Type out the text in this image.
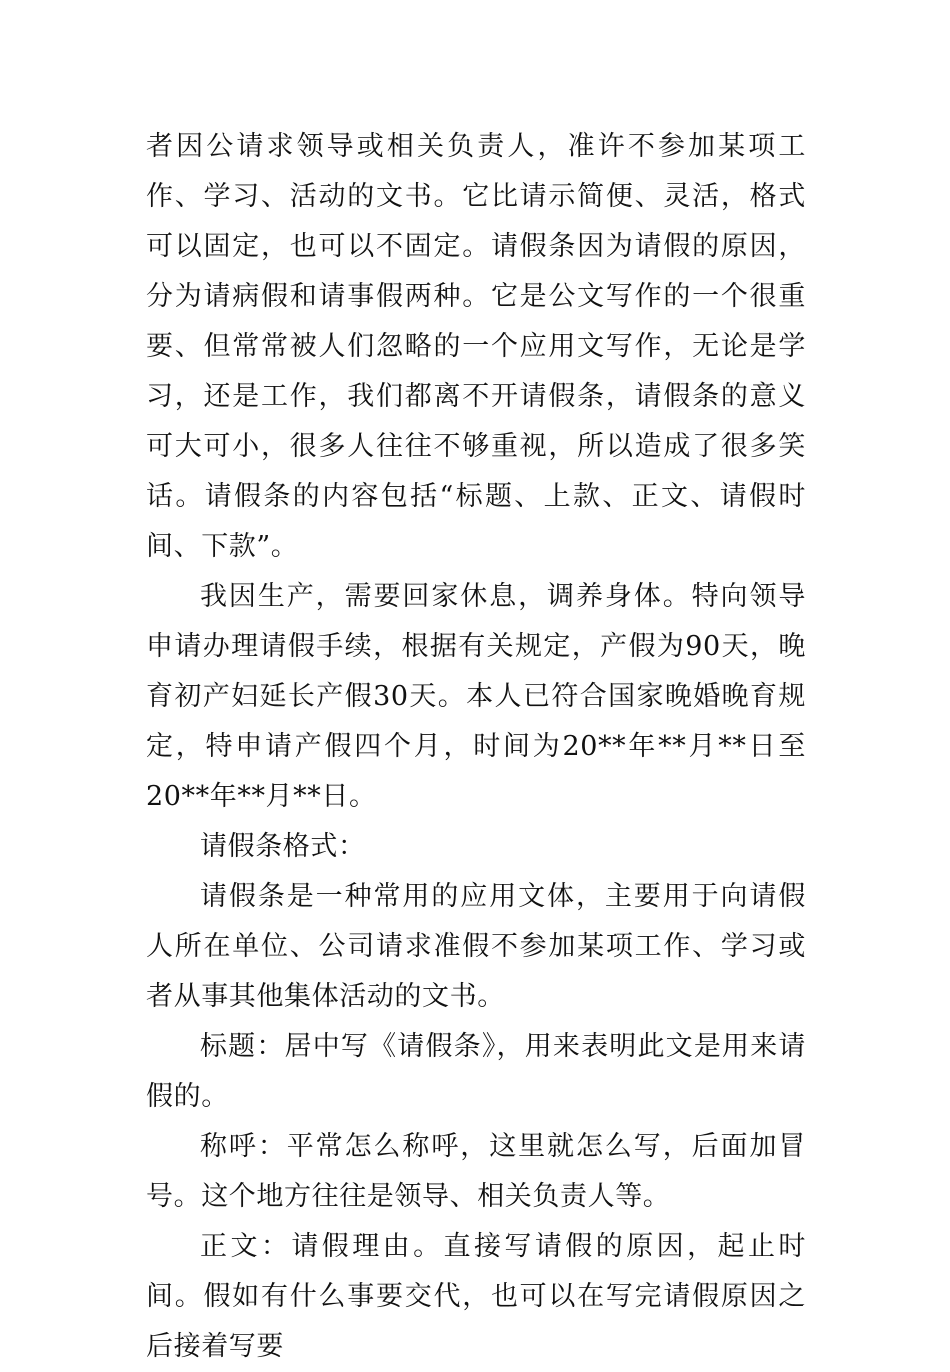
者因公请求领导或相关负责人，准许不参加某项工作、学习、活动的文书。它比请示简便、灵活，格式可以固定，也可以不固定。请假条因为请假的原因，分为请病假和请事假两种。它是公文写作的一个很重要、但常常被人们忽略的一个应用文写作，无论是学习，还是工作，我们都离不开请假条，请假条的意义可大可小，很多人往往不够重视，所以造成了很多笑话。请假条的内容包括“标题、上款、正文、请假时间、下款”。

我因生产，需要回家休息，调养身体。特向领导申请办理请假手续，根据有关规定，产假为90天，晚育初产妇延长产假30天。本人已符合国家晚婚晚育规定，特申请产假四个月，时间为20**年**月**日至20**年**月**日。

请假条格式：

请假条是一种常用的应用文体，主要用于向请假人所在单位、公司请求准假不参加某项工作、学习或者从事其他集体活动的文书。

标题：居中写《请假条》，用来表明此文是用来请假的。

称呼：平常怎么称呼，这里就怎么写，后面加冒号。这个地方往往是领导、相关负责人等。

正文：请假理由。直接写请假的原因，起止时间。假如有什么事要交代，也可以在写完请假原因之后接着写要
